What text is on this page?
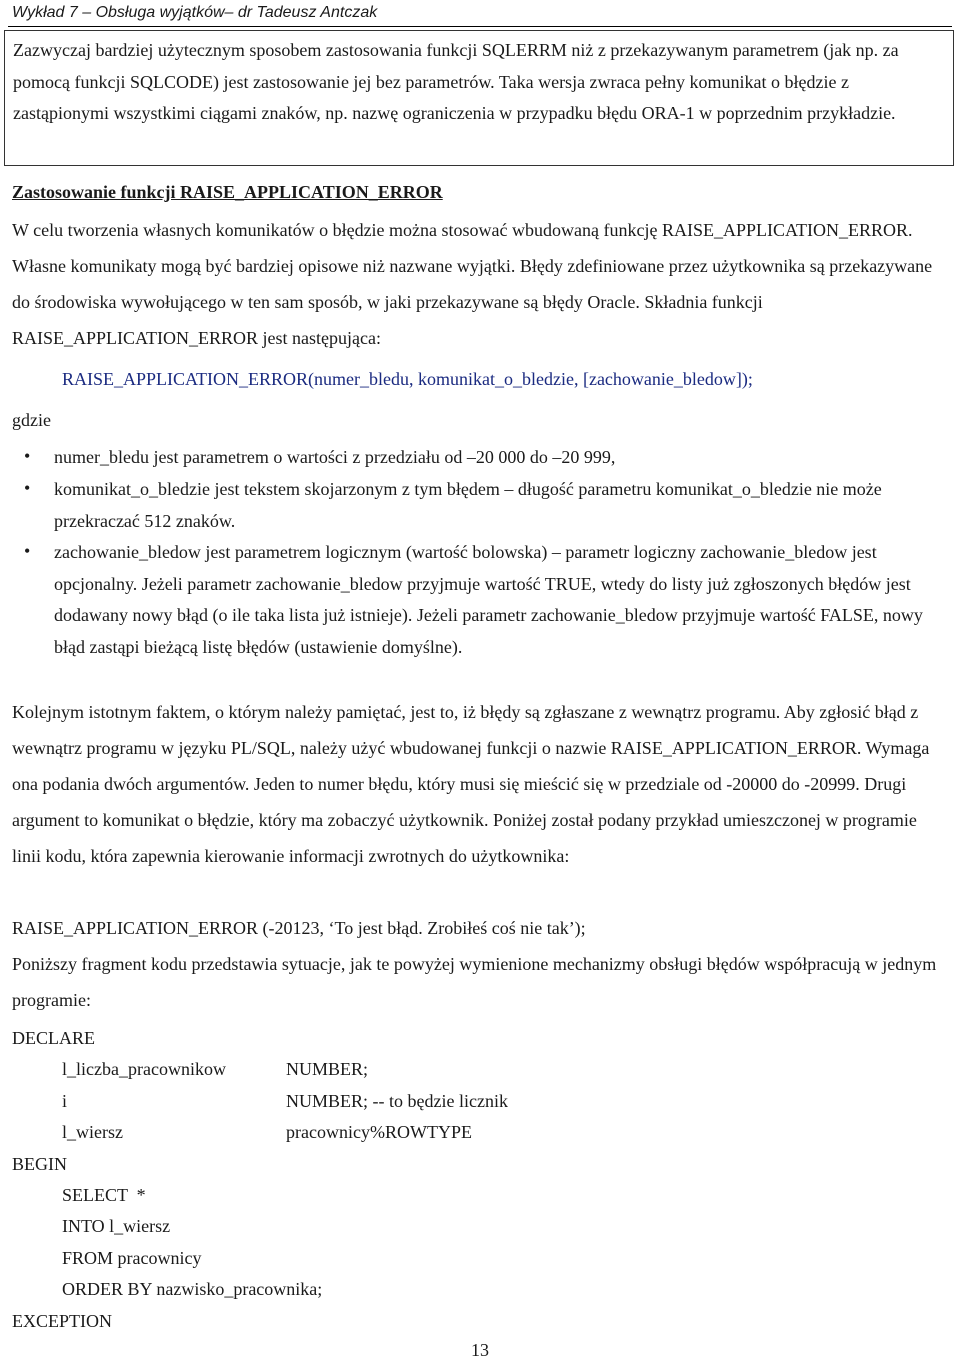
Wykład 7 – Obsługa wyjątków– dr Tadeusz Antczak

Zazwyczaj bardziej użytecznym sposobem zastosowania funkcji SQLERRM niż z przekazywanym parametrem (jak np. za pomocą funkcji SQLCODE) jest zastosowanie jej bez parametrów. Taka wersja zwraca pełny komunikat o błędzie z zastąpionymi wszystkimi ciągami znaków, np. nazwę ograniczenia w przypadku błędu ORA-1 w poprzednim przykładzie.

Zastosowanie funkcji RAISE_APPLICATION_ERROR

W celu tworzenia własnych komunikatów o błędzie można stosować wbudowaną funkcję RAISE_APPLICATION_ERROR. Własne komunikaty mogą być bardziej opisowe niż nazwane wyjątki. Błędy zdefiniowane przez użytkownika są przekazywane do środowiska wywołującego w ten sam sposób, w jaki przekazywane są błędy Oracle. Składnia funkcji RAISE_APPLICATION_ERROR jest następująca:

RAISE_APPLICATION_ERROR(numer_bledu, komunikat_o_bledzie, [zachowanie_bledow]);
gdzie
• numer_bledu jest parametrem o wartości z przedziału od –20 000 do –20 999,

• komunikat_o_bledzie jest tekstem skojarzonym z tym błędem – długość parametru komunikat_o_bledzie nie może przekraczać 512 znaków.

• zachowanie_bledow jest parametrem logicznym (wartość bolowska) – parametr logiczny zachowanie_bledow jest opcjonalny. Jeżeli parametr zachowanie_bledow przyjmuje wartość TRUE, wtedy do listy już zgłoszonych błędów jest dodawany nowy błąd (o ile taka lista już istnieje). Jeżeli parametr zachowanie_bledow przyjmuje wartość FALSE, nowy błąd zastąpi bieżącą listę błędów (ustawienie domyślne).

Kolejnym istotnym faktem, o którym należy pamiętać, jest to, iż błędy są zgłaszane z wewnątrz programu. Aby zgłosić błąd z wewnątrz programu w języku PL/SQL, należy użyć wbudowanej funkcji o nazwie RAISE_APPLICATION_ERROR. Wymaga ona podania dwóch argumentów. Jeden to numer błędu, który musi się mieścić się w przedziale od -20000 do -20999. Drugi argument to komunikat o błędzie, który ma zobaczyć użytkownik. Poniżej został podany przykład umieszczonej w programie linii kodu, która zapewnia kierowanie informacji zwrotnych do użytkownika:

RAISE_APPLICATION_ERROR (-20123, ‘To jest błąd. Zrobiłeś coś nie tak’);

Poniższy fragment kodu przedstawia sytuacje, jak te powyżej wymienione mechanizmy obsługi błędów współpracują w jednym programie:

DECLARE
l_liczba_pracownikow	NUMBER;
i	NUMBER; -- to będzie licznik
l_wiersz	pracownicy%ROWTYPE
BEGIN
SELECT  *
INTO l_wiersz
FROM pracownicy
ORDER BY nazwisko_pracownika;
EXCEPTION
13
